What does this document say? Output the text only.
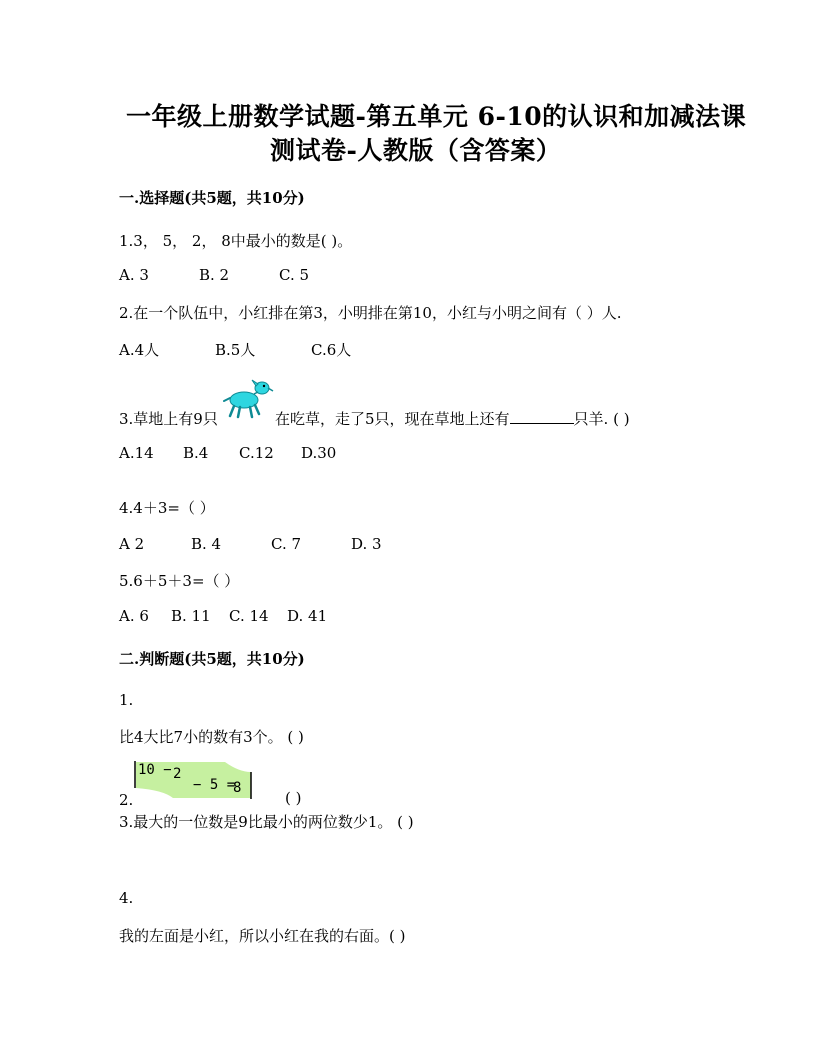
一年级上册数学试题-第五单元 6-10的认识和加减法课
测试卷-人教版（含答案）
一.选择题(共5题，共10分)
1.3， 5， 2， 8中最小的数是( )。
A. 3	B. 2	C. 5
2.在一个队伍中，小红排在第3，小明排在第10，小红与小明之间有（ ）人.
A.4人	B.5人	C.6人
3.草地上有9只	在吃草，走了5只，现在草地上还有	只羊. ( )
A.14 B.4 C.12 D.30
4.4＋3=（ ）
A 2	B. 4	C. 7	D. 3
5.6＋5＋3=（ ）
A. 6 B. 11 C. 14 D. 41
二.判断题(共5题，共10分)
1.
比4大比7小的数有3个。 ( )
2.
10 − 2
− 5 =
8
( )
3.最大的一位数是9比最小的两位数少1。 ( )
4.
我的左面是小红，所以小红在我的右面。( )
